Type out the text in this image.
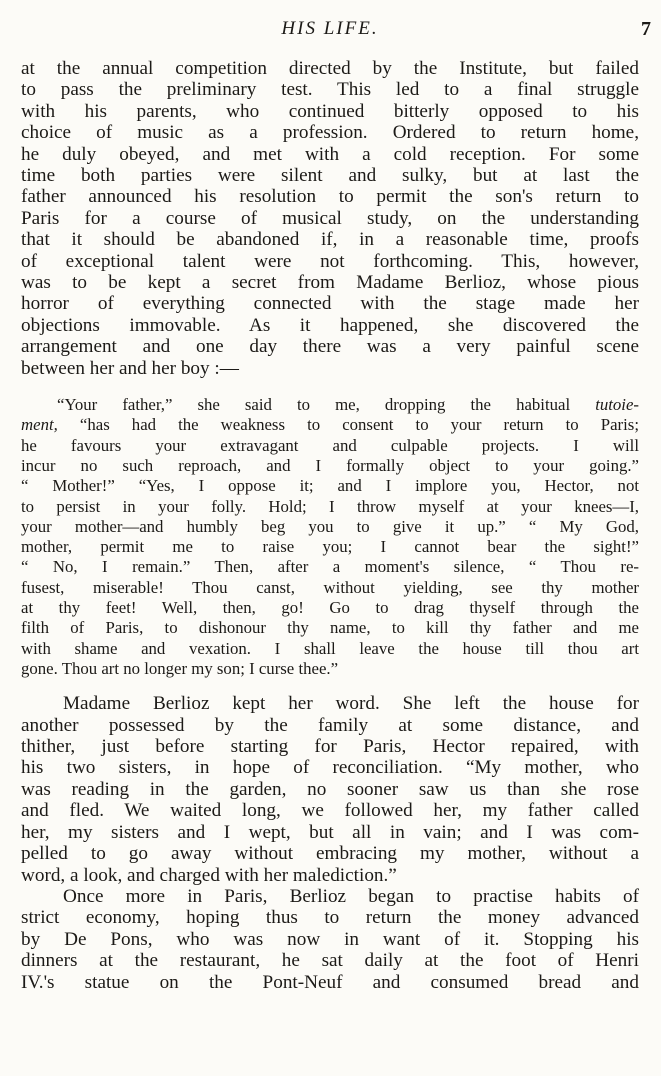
HIS LIFE.	7
at the annual competition directed by the Institute, but failed
to pass the preliminary test. This led to a final struggle
with his parents, who continued bitterly opposed to his
choice of music as a profession. Ordered to return home,
he duly obeyed, and met with a cold reception. For some
time both parties were silent and sulky, but at last the
father announced his resolution to permit the son's return to
Paris for a course of musical study, on the understanding
that it should be abandoned if, in a reasonable time, proofs
of exceptional talent were not forthcoming. This, however,
was to be kept a secret from Madame Berlioz, whose pious
horror of everything connected with the stage made her
objections immovable. As it happened, she discovered the
arrangement and one day there was a very painful scene
between her and her boy :—
“Your father,” she said to me, dropping the habitual tutoie-
ment, “has had the weakness to consent to your return to Paris;
he favours your extravagant and culpable projects. I will
incur no such reproach, and I formally object to your going.”
“ Mother!” “Yes, I oppose it; and I implore you, Hector, not
to persist in your folly. Hold; I throw myself at your knees—I,
your mother—and humbly beg you to give it up.” “ My God,
mother, permit me to raise you; I cannot bear the sight!”
“ No, I remain.” Then, after a moment's silence, “ Thou re-
fusest, miserable! Thou canst, without yielding, see thy mother
at thy feet! Well, then, go! Go to drag thyself through the
filth of Paris, to dishonour thy name, to kill thy father and me
with shame and vexation. I shall leave the house till thou art
gone. Thou art no longer my son; I curse thee.”
Madame Berlioz kept her word. She left the house for
another possessed by the family at some distance, and
thither, just before starting for Paris, Hector repaired, with
his two sisters, in hope of reconciliation. “My mother, who
was reading in the garden, no sooner saw us than she rose
and fled. We waited long, we followed her, my father called
her, my sisters and I wept, but all in vain; and I was com-
pelled to go away without embracing my mother, without a
word, a look, and charged with her malediction.”
Once more in Paris, Berlioz began to practise habits of
strict economy, hoping thus to return the money advanced
by De Pons, who was now in want of it. Stopping his
dinners at the restaurant, he sat daily at the foot of Henri
IV.'s statue on the Pont-Neuf and consumed bread and
